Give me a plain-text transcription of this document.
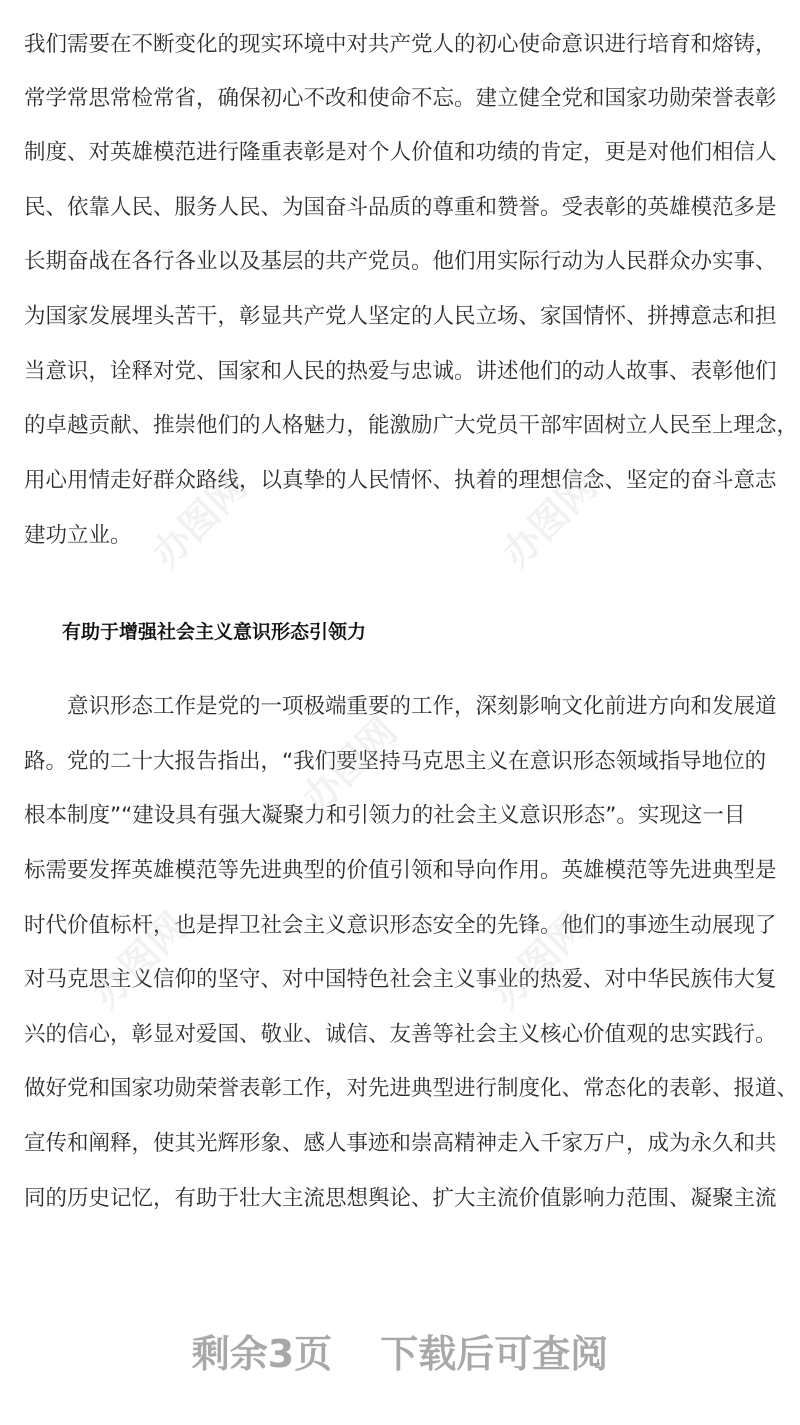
我们需要在不断变化的现实环境中对共产党人的初心使命意识进行培育和熔铸，
常学常思常检常省，确保初心不改和使命不忘。建立健全党和国家功勋荣誉表彰
制度、对英雄模范进行隆重表彰是对个人价值和功绩的肯定，更是对他们相信人
民、依靠人民、服务人民、为国奋斗品质的尊重和赞誉。受表彰的英雄模范多是
长期奋战在各行各业以及基层的共产党员。他们用实际行动为人民群众办实事、
为国家发展埋头苦干，彰显共产党人坚定的人民立场、家国情怀、拼搏意志和担
当意识，诠释对党、国家和人民的热爱与忠诚。讲述他们的动人故事、表彰他们
的卓越贡献、推崇他们的人格魅力，能激励广大党员干部牢固树立人民至上理念，
用心用情走好群众路线，以真挚的人民情怀、执着的理想信念、坚定的奋斗意志
建功立业。
有助于增强社会主义意识形态引领力
　　意识形态工作是党的一项极端重要的工作，深刻影响文化前进方向和发展道
路。党的二十大报告指出，“我们要坚持马克思主义在意识形态领域指导地位的
根本制度”“建设具有强大凝聚力和引领力的社会主义意识形态”。实现这一目
标需要发挥英雄模范等先进典型的价值引领和导向作用。英雄模范等先进典型是
时代价值标杆，也是捍卫社会主义意识形态安全的先锋。他们的事迹生动展现了
对马克思主义信仰的坚守、对中国特色社会主义事业的热爱、对中华民族伟大复
兴的信心，彰显对爱国、敬业、诚信、友善等社会主义核心价值观的忠实践行。
做好党和国家功勋荣誉表彰工作，对先进典型进行制度化、常态化的表彰、报道、
宣传和阐释，使其光辉形象、感人事迹和崇高精神走入千家万户，成为永久和共
同的历史记忆，有助于壮大主流思想舆论、扩大主流价值影响力范围、凝聚主流
办图网	办图网
办图网
办图网	办图网
剩余3页 下载后可查阅
